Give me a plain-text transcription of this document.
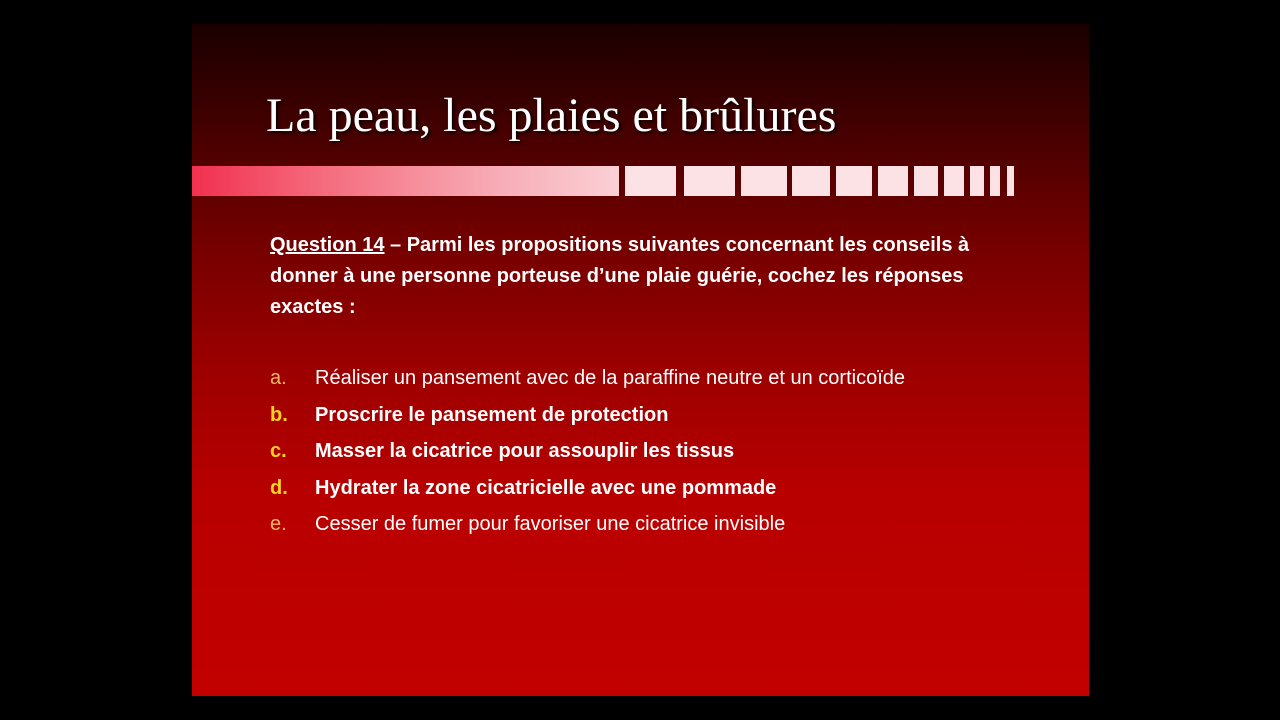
La peau, les plaies et brûlures

Question 14 – Parmi les propositions suivantes concernant les conseils à donner à une personne porteuse d’une plaie guérie, cochez les réponses exactes :

a. Réaliser un pansement avec de la paraffine neutre et un corticoïde
b. Proscrire le pansement de protection
c. Masser la cicatrice pour assouplir les tissus
d. Hydrater la zone cicatricielle avec une pommade
e. Cesser de fumer pour favoriser une cicatrice invisible
